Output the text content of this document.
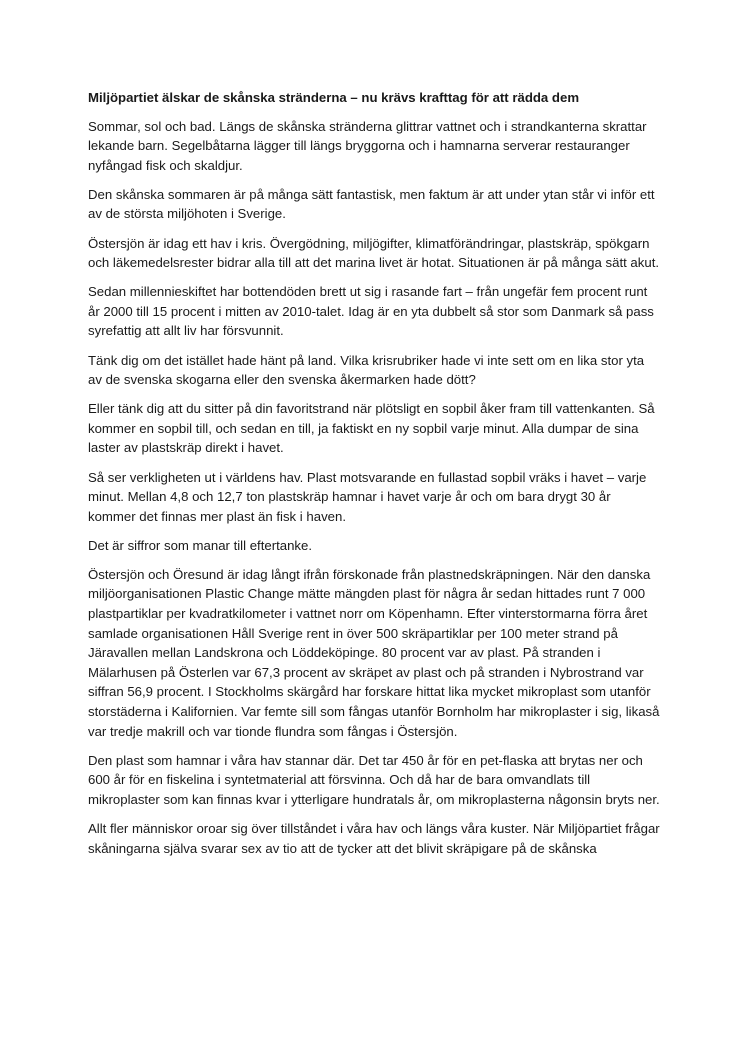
Miljöpartiet älskar de skånska stränderna – nu krävs krafttag för att rädda dem

Sommar, sol och bad. Längs de skånska stränderna glittrar vattnet och i strandkanterna skrattar lekande barn. Segelbåtarna lägger till längs bryggorna och i hamnarna serverar restauranger nyfångad fisk och skaldjur.

Den skånska sommaren är på många sätt fantastisk, men faktum är att under ytan står vi inför ett av de största miljöhoten i Sverige.

Östersjön är idag ett hav i kris. Övergödning, miljögifter, klimatförändringar, plastskräp, spökgarn och läkemedelsrester bidrar alla till att det marina livet är hotat. Situationen är på många sätt akut.

Sedan millennieskiftet har bottendöden brett ut sig i rasande fart – från ungefär fem procent runt år 2000 till 15 procent i mitten av 2010-talet. Idag är en yta dubbelt så stor som Danmark så pass syrefattig att allt liv har försvunnit.

Tänk dig om det istället hade hänt på land. Vilka krisrubriker hade vi inte sett om en lika stor yta av de svenska skogarna eller den svenska åkermarken hade dött?

Eller tänk dig att du sitter på din favoritstrand när plötsligt en sopbil åker fram till vattenkanten. Så kommer en sopbil till, och sedan en till, ja faktiskt en ny sopbil varje minut. Alla dumpar de sina laster av plastskräp direkt i havet.

Så ser verkligheten ut i världens hav. Plast motsvarande en fullastad sopbil vräks i havet – varje minut. Mellan 4,8 och 12,7 ton plastskräp hamnar i havet varje år och om bara drygt 30 år kommer det finnas mer plast än fisk i haven.

Det är siffror som manar till eftertanke.

Östersjön och Öresund är idag långt ifrån förskonade från plastnedskräpningen. När den danska miljöorganisationen Plastic Change mätte mängden plast för några år sedan hittades runt 7 000 plastpartiklar per kvadratkilometer i vattnet norr om Köpenhamn. Efter vinterstormarna förra året samlade organisationen Håll Sverige rent in över 500 skräpartiklar per 100 meter strand på Järavallen mellan Landskrona och Löddeköpinge. 80 procent var av plast. På stranden i Mälarhusen på Österlen var 67,3 procent av skräpet av plast och på stranden i Nybrostrand var siffran 56,9 procent. I Stockholms skärgård har forskare hittat lika mycket mikroplast som utanför storstäderna i Kalifornien. Var femte sill som fångas utanför Bornholm har mikroplaster i sig, likaså var tredje makrill och var tionde flundra som fångas i Östersjön.

Den plast som hamnar i våra hav stannar där. Det tar 450 år för en pet-flaska att brytas ner och 600 år för en fiskelina i syntetmaterial att försvinna. Och då har de bara omvandlats till mikroplaster som kan finnas kvar i ytterligare hundratals år, om mikroplasterna någonsin bryts ner.

Allt fler människor oroar sig över tillståndet i våra hav och längs våra kuster. När Miljöpartiet frågar skåningarna själva svarar sex av tio att de tycker att det blivit skräpigare på de skånska
